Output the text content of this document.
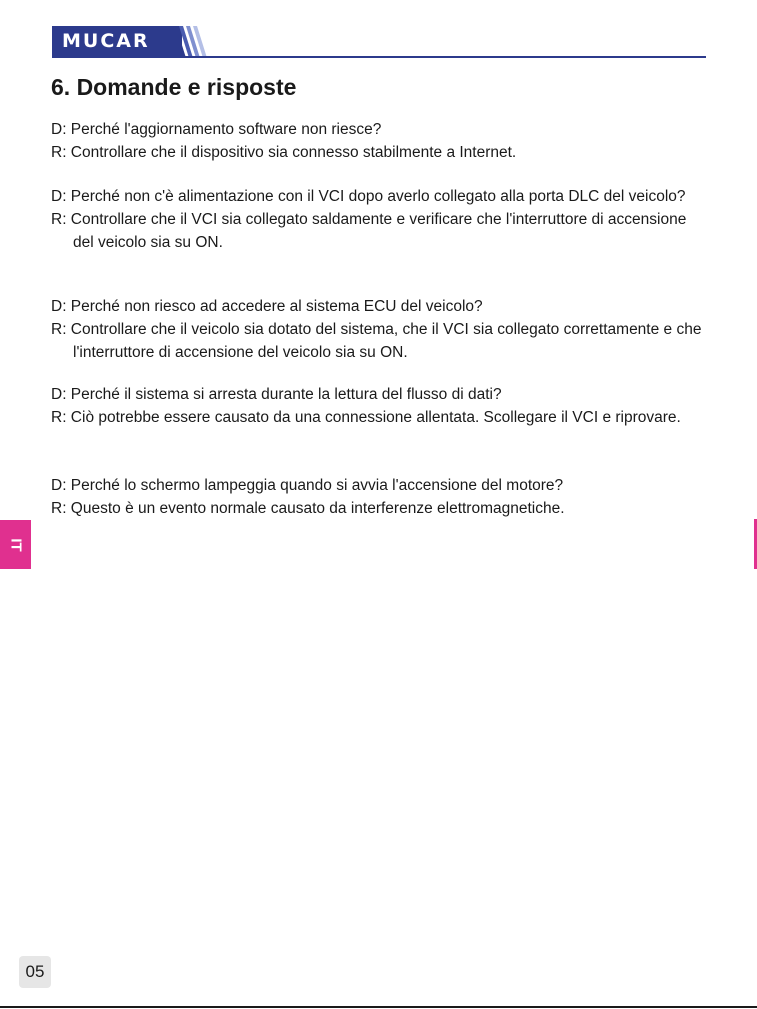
MUCAR
6. Domande e risposte
D: Perché l'aggiornamento software non riesce?
R: Controllare che il dispositivo sia connesso stabilmente a Internet.
D: Perché non c'è alimentazione con il VCI dopo averlo collegato alla porta DLC del veicolo?
R: Controllare che il VCI sia collegato saldamente e verificare che l'interruttore di accensione del veicolo sia su ON.
D: Perché non riesco ad accedere al sistema ECU del veicolo?
R: Controllare che il veicolo sia dotato del sistema, che il VCI sia collegato correttamente e che l'interruttore di accensione del veicolo sia su ON.
D: Perché il sistema si arresta durante la lettura del flusso di dati?
R: Ciò potrebbe essere causato da una connessione allentata. Scollegare il VCI e riprovare.
D: Perché lo schermo lampeggia quando si avvia l'accensione del motore?
R: Questo è un evento normale causato da interferenze elettromagnetiche.
IT
05
